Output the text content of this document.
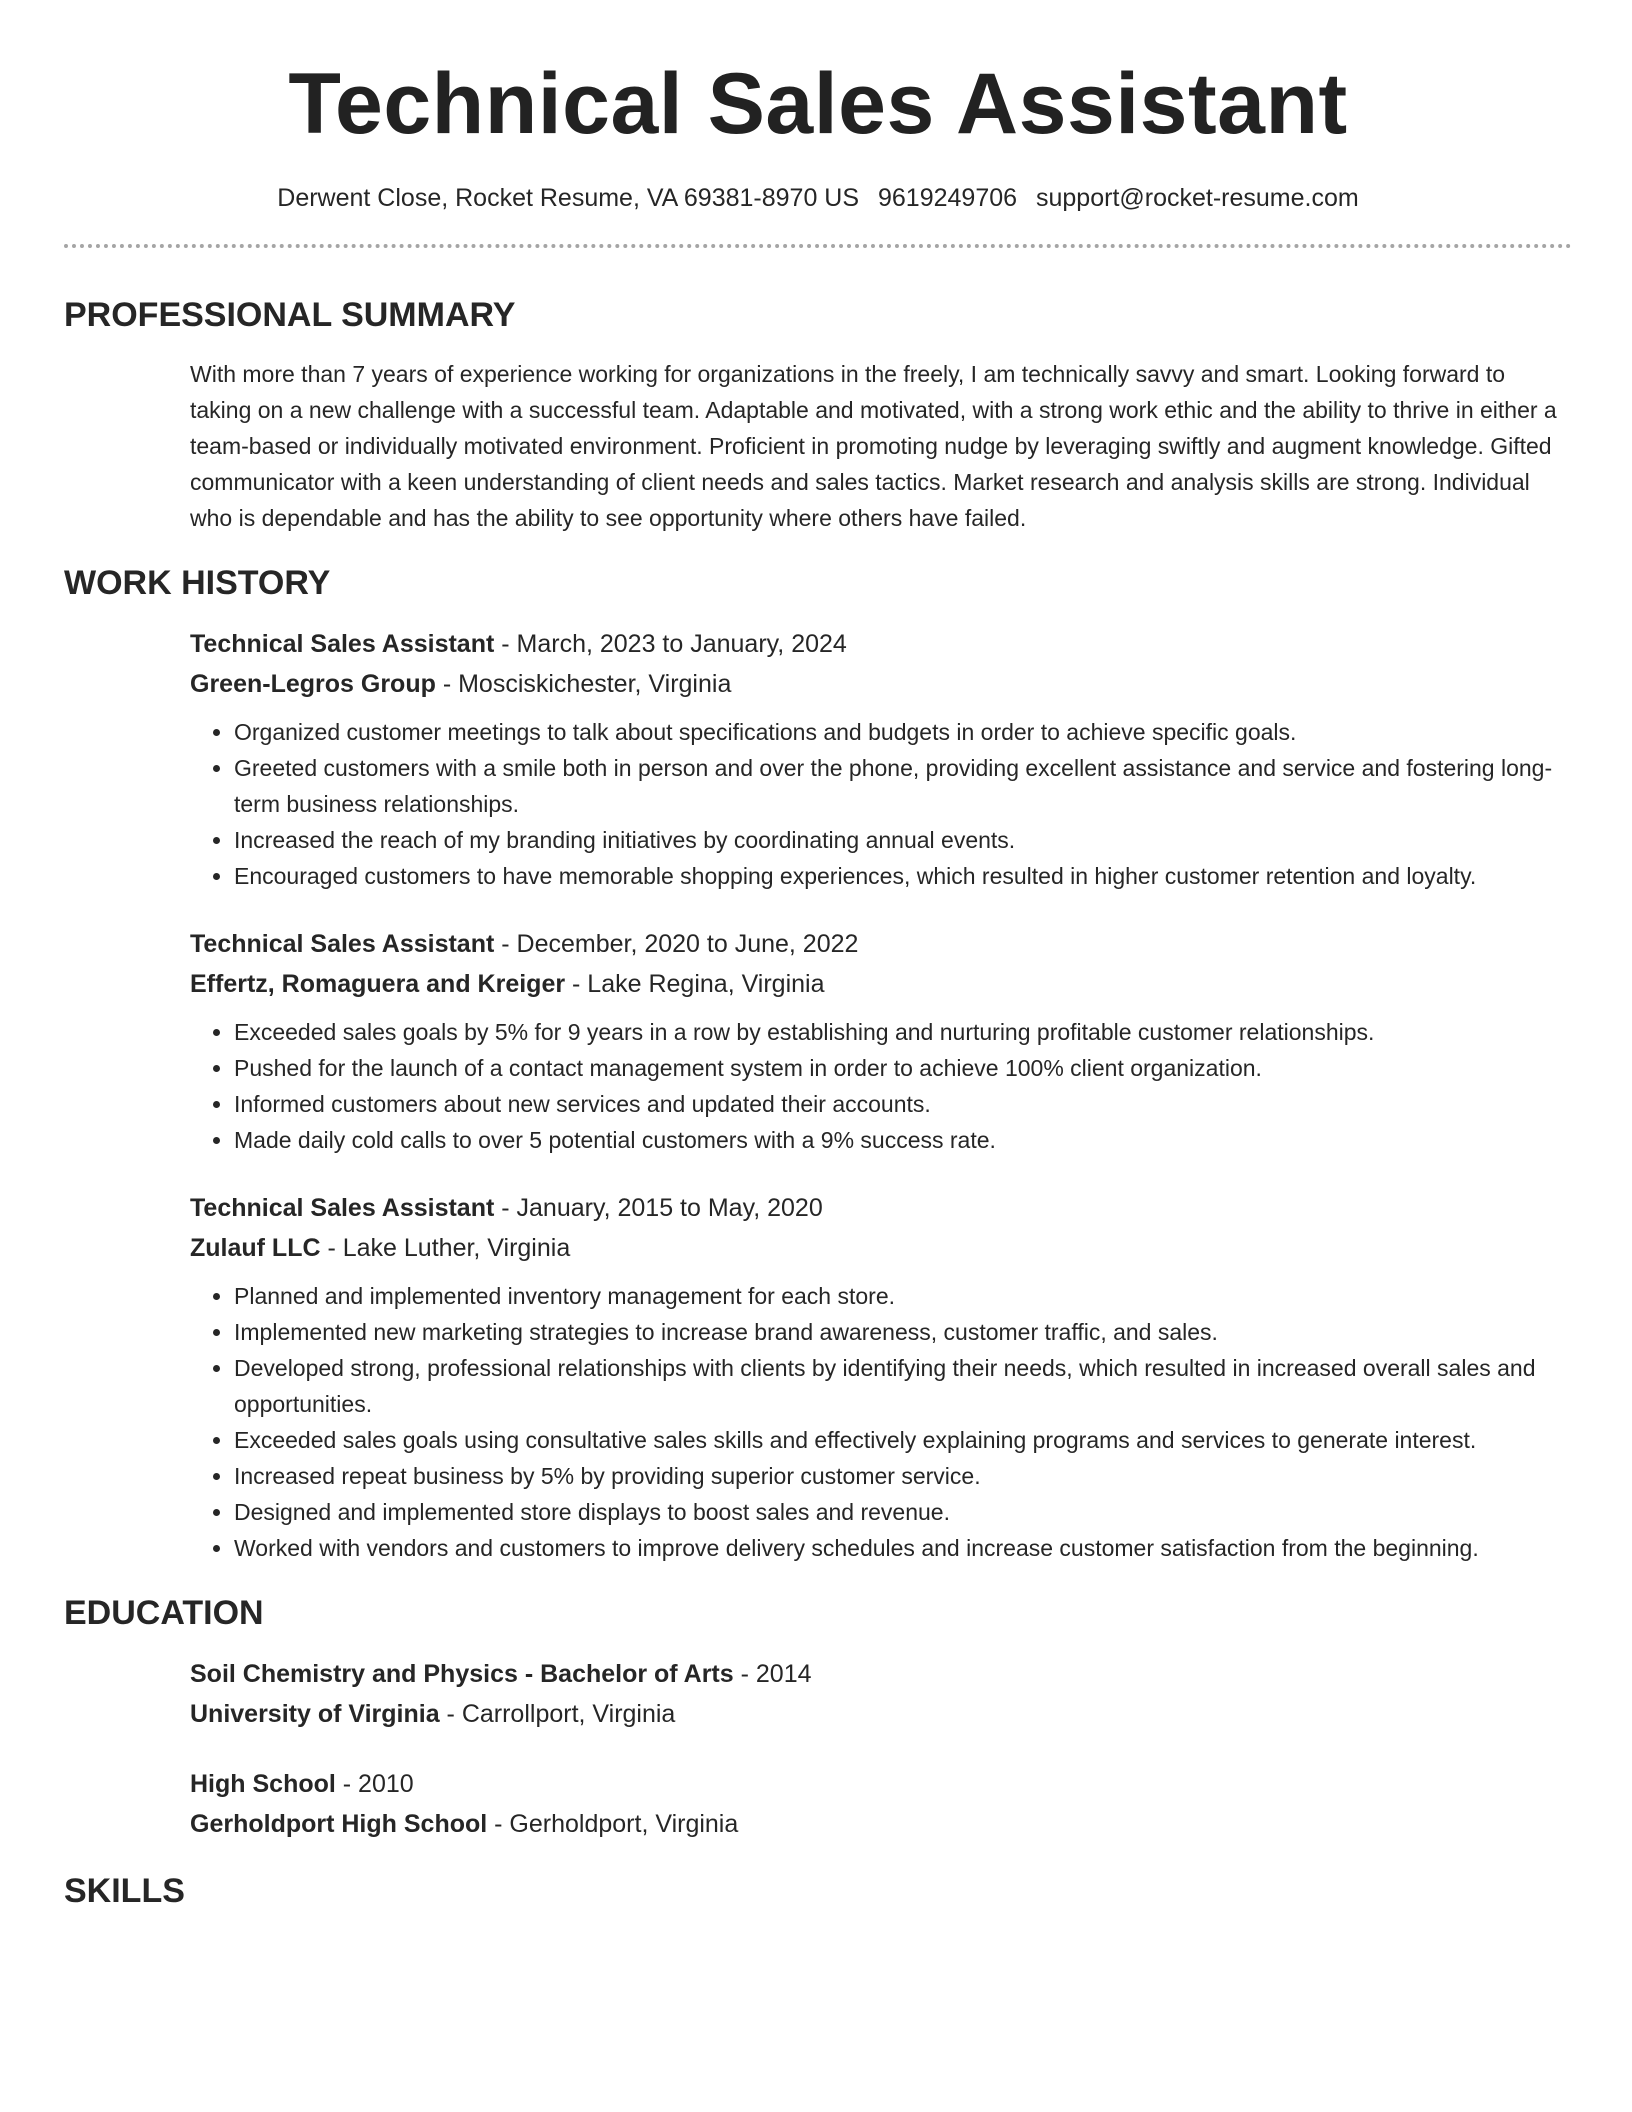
Technical Sales Assistant
Derwent Close, Rocket Resume, VA 69381-8970 US 9619249706 support@rocket-resume.com
PROFESSIONAL SUMMARY
With more than 7 years of experience working for organizations in the freely, I am technically savvy and smart. Looking forward to taking on a new challenge with a successful team. Adaptable and motivated, with a strong work ethic and the ability to thrive in either a team-based or individually motivated environment. Proficient in promoting nudge by leveraging swiftly and augment knowledge. Gifted communicator with a keen understanding of client needs and sales tactics. Market research and analysis skills are strong. Individual who is dependable and has the ability to see opportunity where others have failed.
WORK HISTORY
Technical Sales Assistant - March, 2023 to January, 2024
Green-Legros Group - Mosciskichester, Virginia
• Organized customer meetings to talk about specifications and budgets in order to achieve specific goals.
• Greeted customers with a smile both in person and over the phone, providing excellent assistance and service and fostering long-term business relationships.
• Increased the reach of my branding initiatives by coordinating annual events.
• Encouraged customers to have memorable shopping experiences, which resulted in higher customer retention and loyalty.
Technical Sales Assistant - December, 2020 to June, 2022
Effertz, Romaguera and Kreiger - Lake Regina, Virginia
• Exceeded sales goals by 5% for 9 years in a row by establishing and nurturing profitable customer relationships.
• Pushed for the launch of a contact management system in order to achieve 100% client organization.
• Informed customers about new services and updated their accounts.
• Made daily cold calls to over 5 potential customers with a 9% success rate.
Technical Sales Assistant - January, 2015 to May, 2020
Zulauf LLC - Lake Luther, Virginia
• Planned and implemented inventory management for each store.
• Implemented new marketing strategies to increase brand awareness, customer traffic, and sales.
• Developed strong, professional relationships with clients by identifying their needs, which resulted in increased overall sales and opportunities.
• Exceeded sales goals using consultative sales skills and effectively explaining programs and services to generate interest.
• Increased repeat business by 5% by providing superior customer service.
• Designed and implemented store displays to boost sales and revenue.
• Worked with vendors and customers to improve delivery schedules and increase customer satisfaction from the beginning.
EDUCATION
Soil Chemistry and Physics - Bachelor of Arts - 2014
University of Virginia - Carrollport, Virginia
High School - 2010
Gerholdport High School - Gerholdport, Virginia
SKILLS
